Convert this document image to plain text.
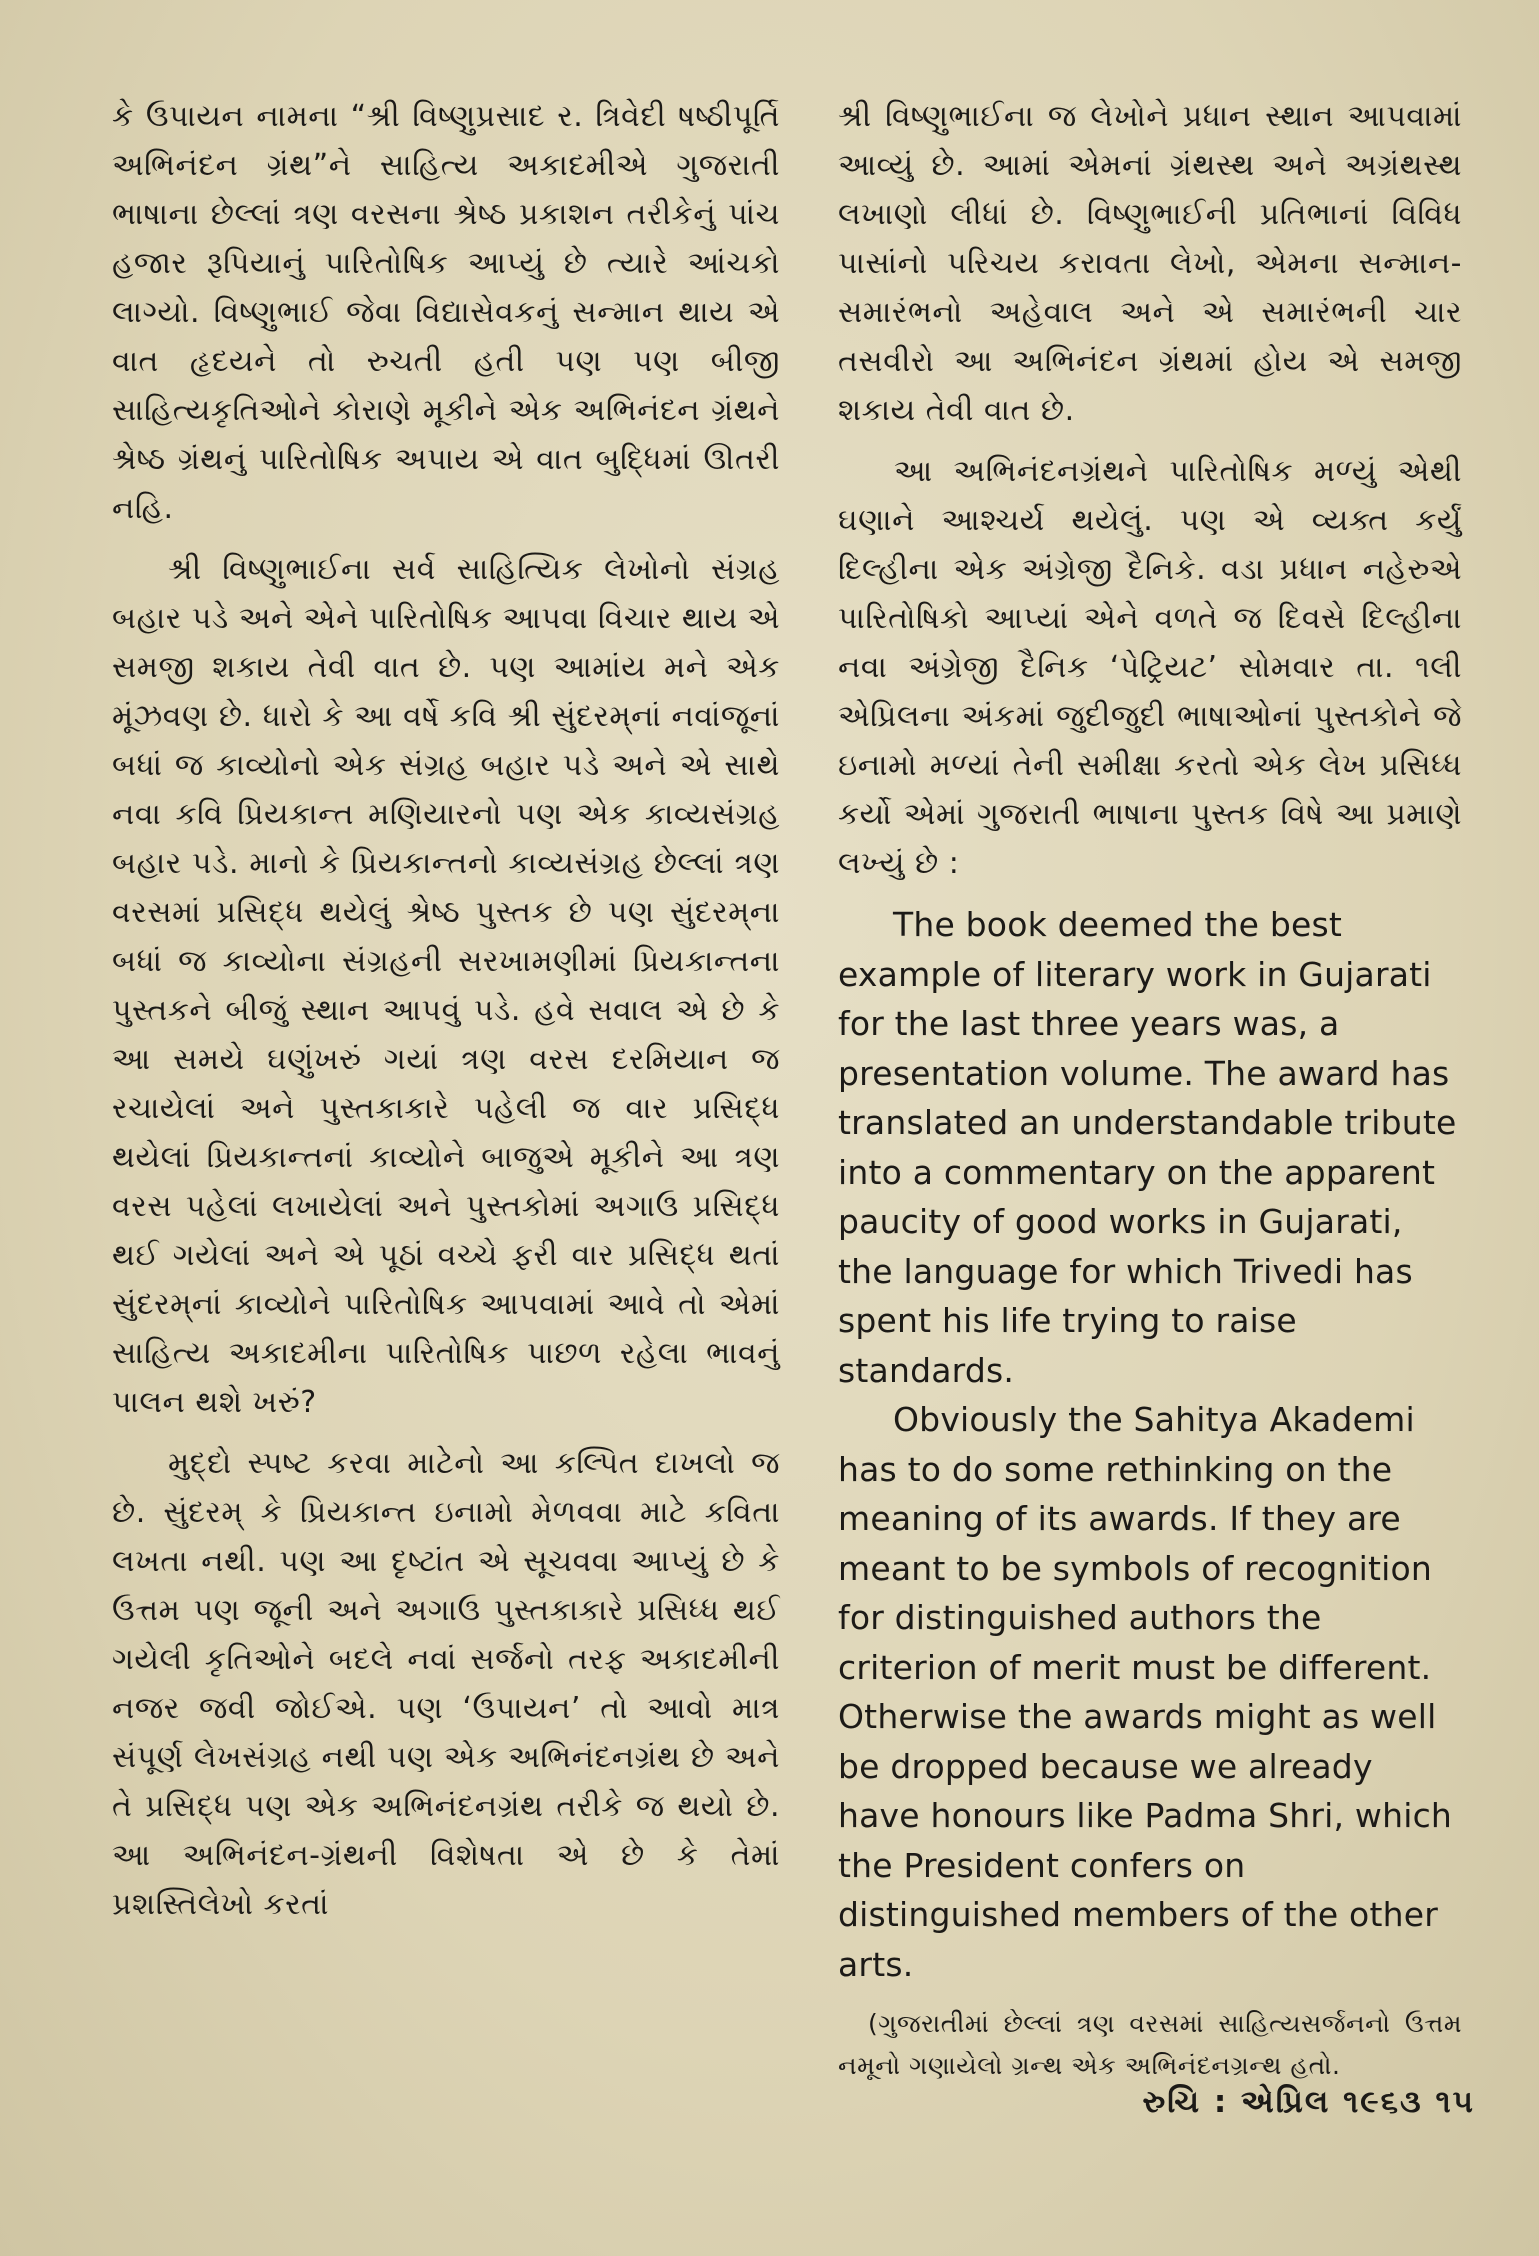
કે ઉપાયન નામના “શ્રી વિષ્ણુપ્રસાદ ર. ત્રિવેદી ષષ્ઠીપૂર્તિ અભિનંદન ગ્રંથ”ને સાહિત્ય અકાદમીએ ગુજરાતી ભાષાના છેલ્લાં ત્રણ વરસના શ્રેષ્ઠ પ્રકાશન તરીકેનું પાંચ હજાર રૂપિયાનું પારિતોષિક આપ્યું છે ત્યારે આંચકો લાગ્યો. વિષ્ણુભાઈ જેવા વિદ્યાસેવકનું સન્માન થાય એ વાત હૃદયને તો રુચતી હતી પણ પણ બીજી સાહિત્યકૃતિઓને કોરાણે મૂકીને એક અભિનંદન ગ્રંથને શ્રેષ્ઠ ગ્રંથનું પારિતોષિક અપાય એ વાત બુદ્ધિમાં ઊતરી નહિ.

શ્રી વિષ્ણુભાઈના સર્વ સાહિત્યિક લેખોનો સંગ્રહ બહાર પડે અને એને પારિતોષિક આપવા વિચાર થાય એ સમજી શકાય તેવી વાત છે. પણ આમાંય મને એક મૂંઝવણ છે. ધારો કે આ વર્ષે કવિ શ્રી સુંદરમ્‌નાં નવાંજૂનાં બધાં જ કાવ્યોનો એક સંગ્રહ બહાર પડે અને એ સાથે નવા કવિ પ્રિયકાન્ત મણિયારનો પણ એક કાવ્યસંગ્રહ બહાર પડે. માનો કે પ્રિયકાન્તનો કાવ્યસંગ્રહ છેલ્લાં ત્રણ વરસમાં પ્રસિદ્ધ થયેલું શ્રેષ્ઠ પુસ્તક છે પણ સુંદરમ્‌ના બધાં જ કાવ્યોના સંગ્રહની સરખામણીમાં પ્રિયકાન્તના પુસ્તકને બીજું સ્થાન આપવું પડે. હવે સવાલ એ છે કે આ સમયે ઘણુંખરું ગયાં ત્રણ વરસ દરમિયાન જ રચાયેલાં અને પુસ્તકાકારે પહેલી જ વાર પ્રસિદ્ધ થયેલાં પ્રિયકાન્તનાં કાવ્યોને બાજુએ મૂકીને આ ત્રણ વરસ પહેલાં લખાયેલાં અને પુસ્તકોમાં અગાઉ પ્રસિદ્ધ થઈ ગયેલાં અને એ પૂઠાં વચ્ચે ફરી વાર પ્રસિદ્ધ થતાં સુંદરમ્‌નાં કાવ્યોને પારિતોષિક આપવામાં આવે તો એમાં સાહિત્ય અકાદમીના પારિતોષિક પાછળ રહેલા ભાવનું પાલન થશે ખરું?

મુદ્દો સ્પષ્ટ કરવા માટેનો આ કલ્પિત દાખલો જ છે. સુંદરમ્ કે પ્રિયકાન્ત ઇનામો મેળવવા માટે કવિતા લખતા નથી. પણ આ દૃષ્ટાંત એ સૂચવવા આપ્યું છે કે ઉત્તમ પણ જૂની અને અગાઉ પુસ્તકાકારે પ્રસિધ્ધ થઈ ગયેલી કૃતિઓને બદલે નવાં સર્જનો તરફ અકાદમીની નજર જવી જોઈએ. પણ ‘ઉપાયન’ તો આવો માત્ર સંપૂર્ણ લેખસંગ્રહ નથી પણ એક અભિનંદનગ્રંથ છે અને તે પ્રસિદ્ધ પણ એક અભિનંદનગ્રંથ તરીકે જ થયો છે. આ અભિનંદન-ગ્રંથની વિશેષતા એ છે કે તેમાં પ્રશસ્તિલેખો કરતાં

શ્રી વિષ્ણુભાઈના જ લેખોને પ્રધાન સ્થાન આપવામાં આવ્યું છે. આમાં એમનાં ગ્રંથસ્થ અને અગ્રંથસ્થ લખાણો લીધાં છે. વિષ્ણુભાઈની પ્રતિભાનાં વિવિધ પાસાંનો પરિચય કરાવતા લેખો, એમના સન્માન-સમારંભનો અહેવાલ અને એ સમારંભની ચાર તસવીરો આ અભિનંદન ગ્રંથમાં હોય એ સમજી શકાય તેવી વાત છે.

આ અભિનંદનગ્રંથને પારિતોષિક મળ્યું એથી ઘણાને આશ્ચર્ય થયેલું. પણ એ વ્યક્ત કર્યું દિલ્હીના એક અંગ્રેજી દૈનિકે. વડા પ્રધાન નહેરુએ પારિતોષિકો આપ્યાં એને વળતે જ દિવસે દિલ્હીના નવા અંગ્રેજી દૈનિક ‘પેટ્રિયટ’ સોમવાર તા. ૧લી એપ્રિલના અંકમાં જુદીજુદી ભાષાઓનાં પુસ્તકોને જે ઇનામો મળ્યાં તેની સમીક્ષા કરતો એક લેખ પ્રસિધ્ધ કર્યો એમાં ગુજરાતી ભાષાના પુસ્તક વિષે આ પ્રમાણે લખ્યું છે :

The book deemed the best example of literary work in Gujarati for the last three years was, a presentation volume. The award has translated an understandable tribute into a commentary on the apparent paucity of good works in Gujarati, the language for which Trivedi has spent his life trying to raise standards.

Obviously the Sahitya Akademi has to do some rethinking on the meaning of its awards. If they are meant to be symbols of recognition for distinguished authors the criterion of merit must be different. Otherwise the awards might as well be dropped because we already have honours like Padma Shri, which the President confers on distinguished members of the other arts.

(ગુજરાતીમાં છેલ્લાં ત્રણ વરસમાં સાહિત્યસર્જનનો ઉત્તમ નમૂનો ગણાયેલો ગ્રન્થ એક અભિનંદનગ્રન્થ હતો.

રુચિ : એપ્રિલ ૧૯૬૩ ૧૫
